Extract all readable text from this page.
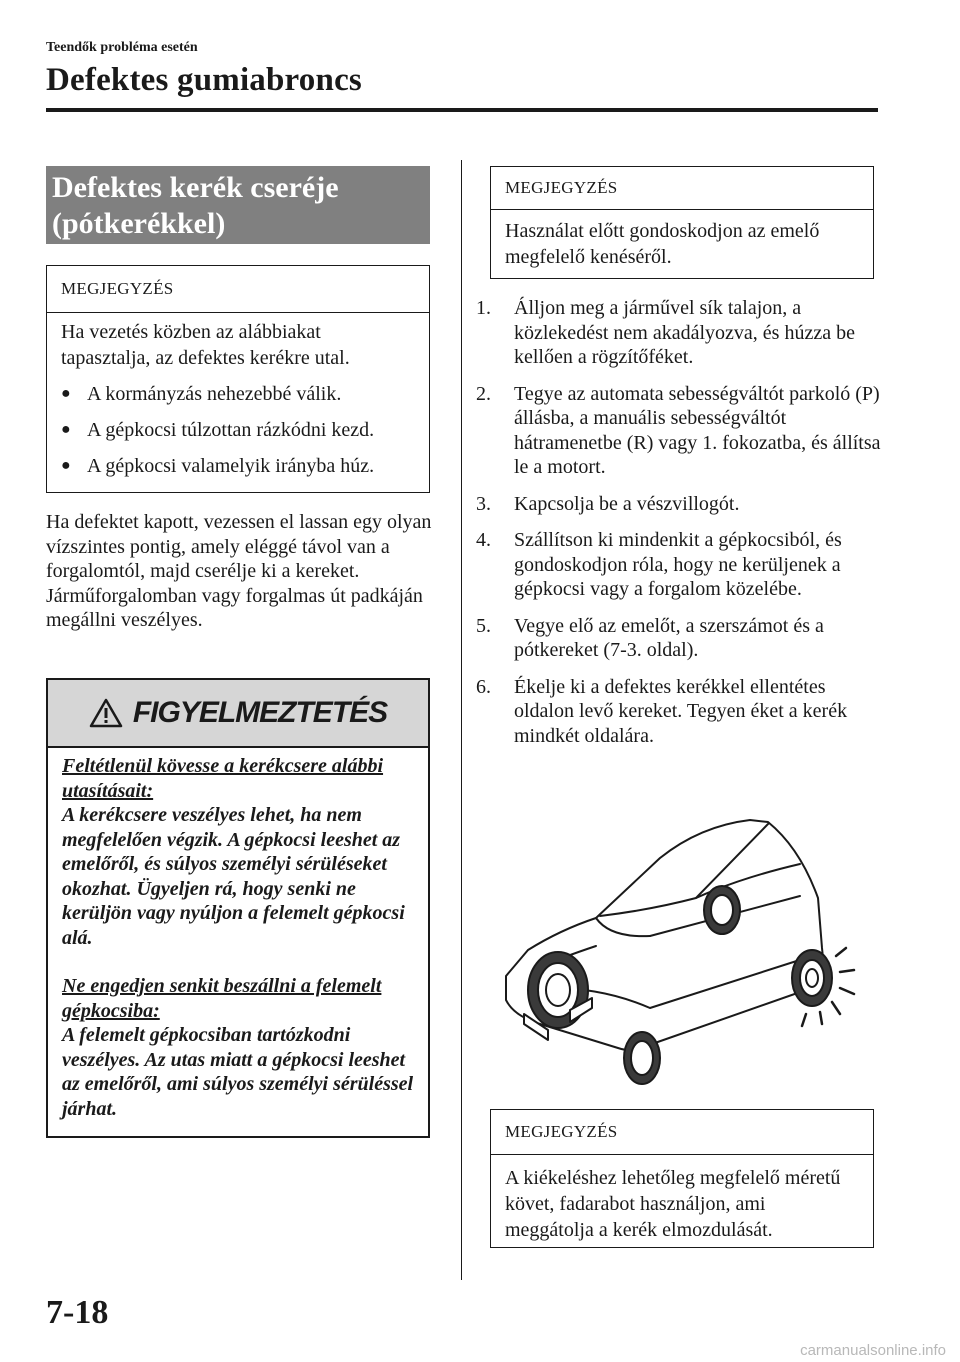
Teendők probléma esetén
Defektes gumiabroncs
Defektes kerék cseréje
(pótkerékkel)
MEGJEGYZÉS
Ha vezetés közben az alábbiakat tapasztalja, az defektes kerékre utal.
● A kormányzás nehezebbé válik.
● A gépkocsi túlzottan rázkódni kezd.
● A gépkocsi valamelyik irányba húz.
Ha defektet kapott, vezessen el lassan egy olyan vízszintes pontig, amely eléggé távol van a forgalomtól, majd cserélje ki a kereket.
Járműforgalomban vagy forgalmas út padkáján megállni veszélyes.
FIGYELMEZTETÉS
Feltétlenül kövesse a kerékcsere alábbi utasításait:
A kerékcsere veszélyes lehet, ha nem megfelelően végzik. A gépkocsi leeshet az emelőről, és súlyos személyi sérüléseket okozhat. Ügyeljen rá, hogy senki ne kerüljön vagy nyúljon a felemelt gépkocsi alá.
Ne engedjen senkit beszállni a felemelt gépkocsiba:
A felemelt gépkocsiban tartózkodni veszélyes. Az utas miatt a gépkocsi leeshet az emelőről, ami súlyos személyi sérüléssel járhat.
MEGJEGYZÉS
Használat előtt gondoskodjon az emelő megfelelő kenéséről.
1.	Álljon meg a járművel sík talajon, a közlekedést nem akadályozva, és húzza be kellően a rögzítőféket.
2.	Tegye az automata sebességváltót parkoló (P) állásba, a manuális sebességváltót hátramenetbe (R) vagy 1. fokozatba, és állítsa le a motort.
3.	Kapcsolja be a vészvillogót.
4.	Szállítson ki mindenkit a gépkocsiból, és gondoskodjon róla, hogy ne kerüljenek a gépkocsi vagy a forgalom közelébe.
5.	Vegye elő az emelőt, a szerszámot és a pótkereket (7-3. oldal).
6.	Ékelje ki a defektes kerékkel ellentétes oldalon levő kereket. Tegyen éket a kerék mindkét oldalára.
MEGJEGYZÉS
A kiékeléshez lehetőleg megfelelő méretű követ, fadarabot használjon, ami meggátolja a kerék elmozdulását.
7-18
carmanualsonline.info
